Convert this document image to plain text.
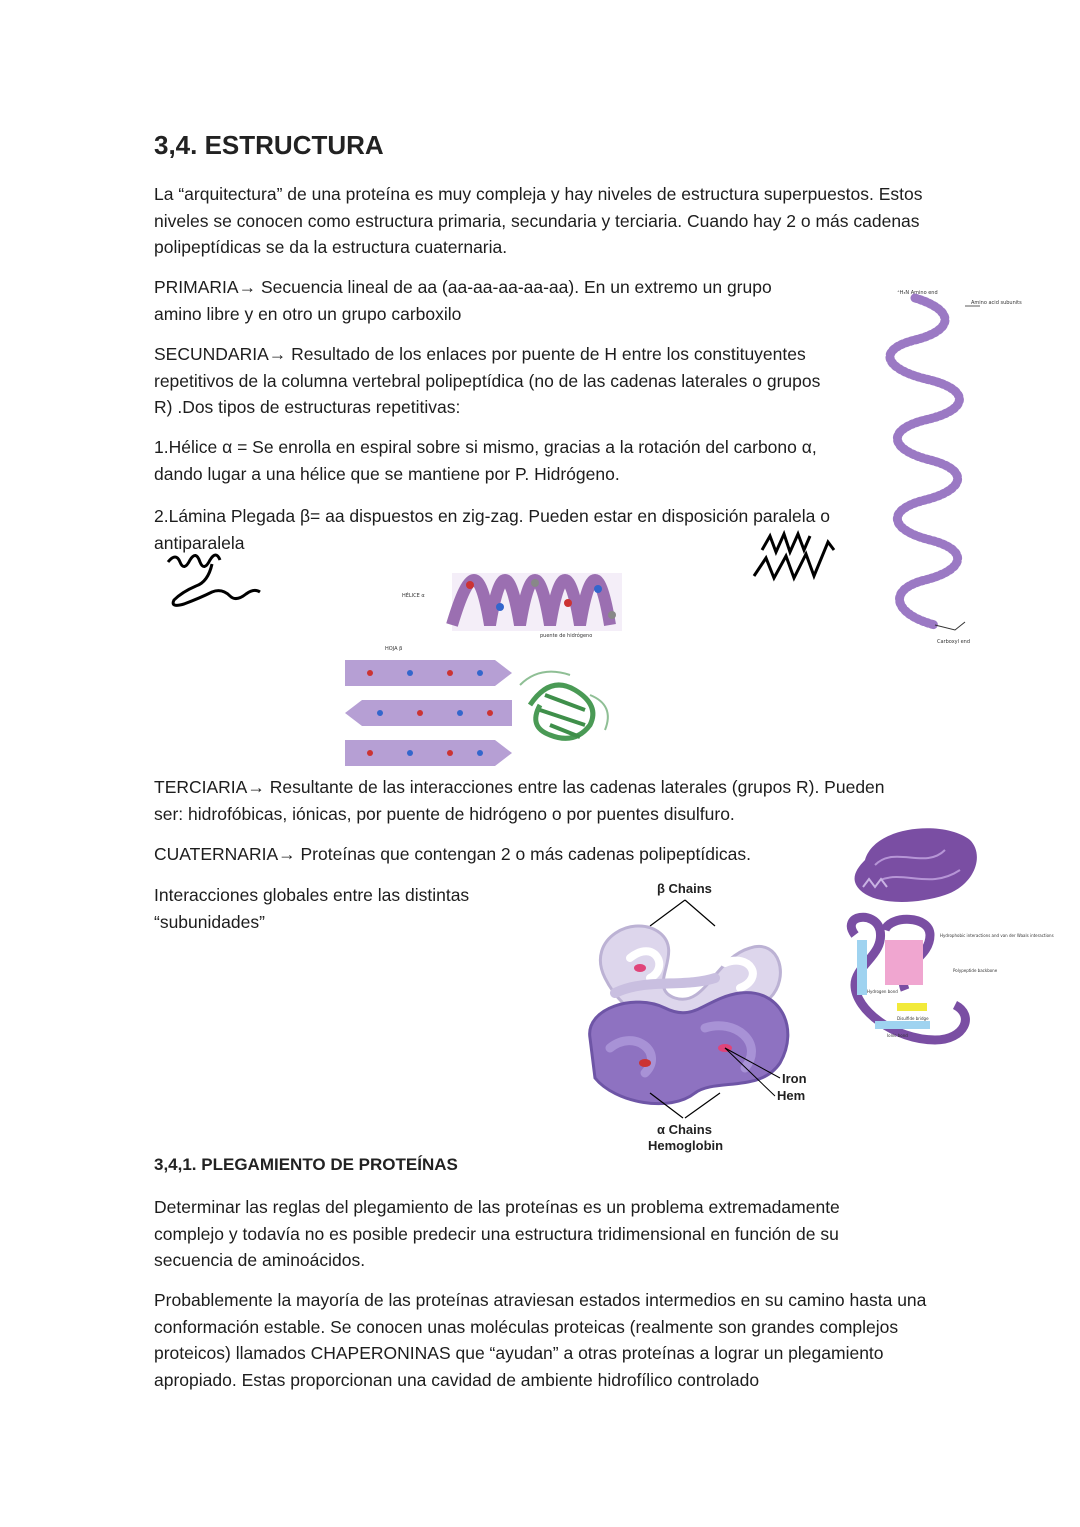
3,4. ESTRUCTURA

La “arquitectura” de una proteína es muy compleja y hay niveles de estructura superpuestos. Estos niveles se conocen como estructura primaria, secundaria y terciaria. Cuando hay 2 o más cadenas polipeptídicas se da la estructura cuaternaria.

PRIMARIA→ Secuencia lineal de aa (aa-aa-aa-aa-aa). En un extremo un grupo amino libre y en otro un grupo carboxilo

SECUNDARIA→ Resultado de los enlaces por puente de H entre los constituyentes repetitivos de la columna vertebral polipeptídica (no de las cadenas laterales o grupos R) .Dos tipos de estructuras repetitivas:

1.Hélice α = Se enrolla en espiral sobre si mismo, gracias a la rotación del carbono α, dando lugar a una hélice que se mantiene por P. Hidrógeno.

2.Lámina Plegada β= aa dispuestos en zig-zag. Pueden estar en disposición paralela o antiparalela

HÉLICE α
puente de hidrógeno
HOJA β
⁺H₃N Amino end
Amino acid subunits
Carboxyl end

TERCIARIA→ Resultante de las interacciones entre las cadenas laterales (grupos R). Pueden ser: hidrofóbicas, iónicas, por puente de hidrógeno o por puentes disulfuro.

CUATERNARIA→ Proteínas que contengan 2 o más cadenas polipeptídicas.

Interacciones globales entre las distintas “subunidades”

β Chains
Iron
Hem
α Chains
Hemoglobin
Hydrophobic interactions and van der Waals interactions
Polypeptide backbone
Hydrogen bond
Disulfide bridge
Ionic bond
3,4,1. PLEGAMIENTO DE PROTEÍNAS

Determinar las reglas del plegamiento de las proteínas es un problema extremadamente complejo y todavía no es posible predecir una estructura tridimensional en función de su secuencia de aminoácidos.

Probablemente la mayoría de las proteínas atraviesan estados intermedios en su camino hasta una conformación estable. Se conocen unas moléculas proteicas (realmente son grandes complejos proteicos) llamados CHAPERONINAS que “ayudan” a otras proteínas a lograr un plegamiento apropiado. Estas proporcionan una cavidad de ambiente hidrofílico controlado
